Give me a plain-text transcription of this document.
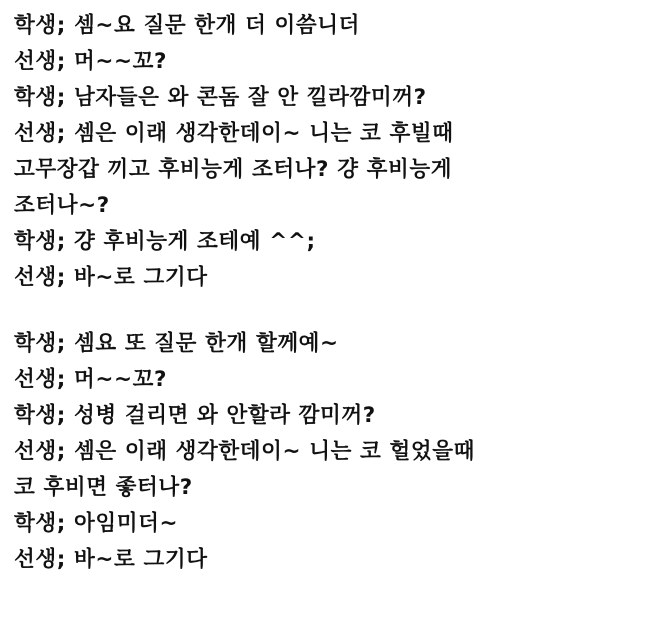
학생; 셈~요 질문 한개 더 이씀니더
선생; 머~~꼬?
학생; 남자들은 와 콘돔 잘 안 낄라깜미꺼?
선생; 셈은 이래 생각한데이~ 니는 코 후빌때
고무장갑 끼고 후비능게 조터나? 걍 후비능게
조터나~?
학생; 걍 후비능게 조테예 ^^;
선생; 바~로 그기다
학생; 셈요 또 질문 한개 할께예~
선생; 머~~꼬?
학생; 성병 걸리면 와 안할라 깜미꺼?
선생; 셈은 이래 생각한데이~ 니는 코 헐었을때
코 후비면 좋터나?
학생; 아임미더~
선생; 바~로 그기다
